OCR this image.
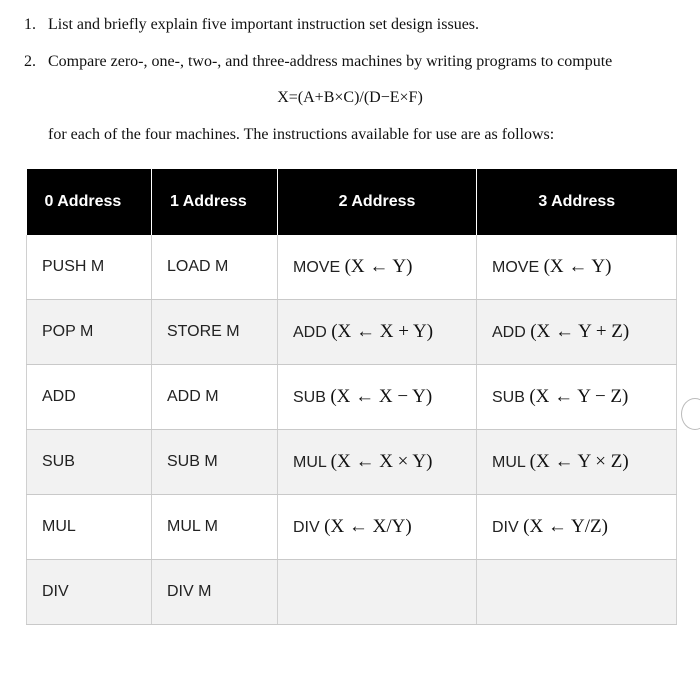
1. List and briefly explain five important instruction set design issues.
2. Compare zero-, one-, two-, and three-address machines by writing programs to compute
X=(A+B×C)/(D−E×F)
for each of the four machines. The instructions available for use are as follows:
0 Address	1 Address	2 Address	3 Address
PUSH M	LOAD M	MOVE (X ← Y)	MOVE (X ← Y)
POP M	STORE M	ADD (X ← X + Y)	ADD (X ← Y + Z)
ADD	ADD M	SUB (X ← X − Y)	SUB (X ← Y − Z)
SUB	SUB M	MUL (X ← X × Y)	MUL (X ← Y × Z)
MUL	MUL M	DIV (X ← X/Y)	DIV (X ← Y/Z)
DIV	DIV M		
